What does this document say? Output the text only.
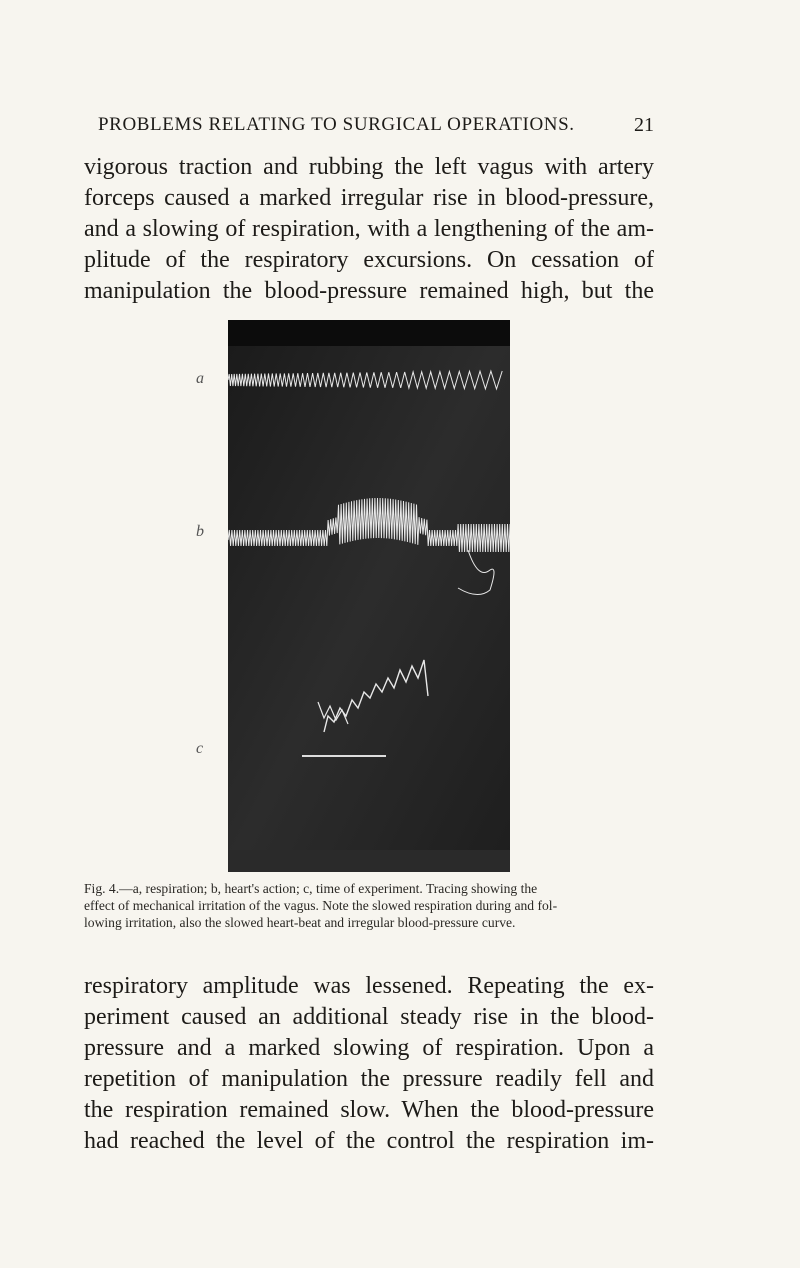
PROBLEMS RELATING TO SURGICAL OPERATIONS.	21

vigorous traction and rubbing the left vagus with artery
forceps caused a marked irregular rise in blood-pressure,
and a slowing of respiration, with a lengthening of the am-
plitude of the respiratory excursions. On cessation of
manipulation the blood-pressure remained high, but the

a
b
c
Fig. 4.—a, respiration; b, heart's action; c, time of experiment. Tracing showing the
effect of mechanical irritation of the vagus. Note the slowed respiration during and fol-
lowing irritation, also the slowed heart-beat and irregular blood-pressure curve.

respiratory amplitude was lessened. Repeating the ex-
periment caused an additional steady rise in the blood-
pressure and a marked slowing of respiration. Upon a
repetition of manipulation the pressure readily fell and
the respiration remained slow. When the blood-pressure
had reached the level of the control the respiration im-
